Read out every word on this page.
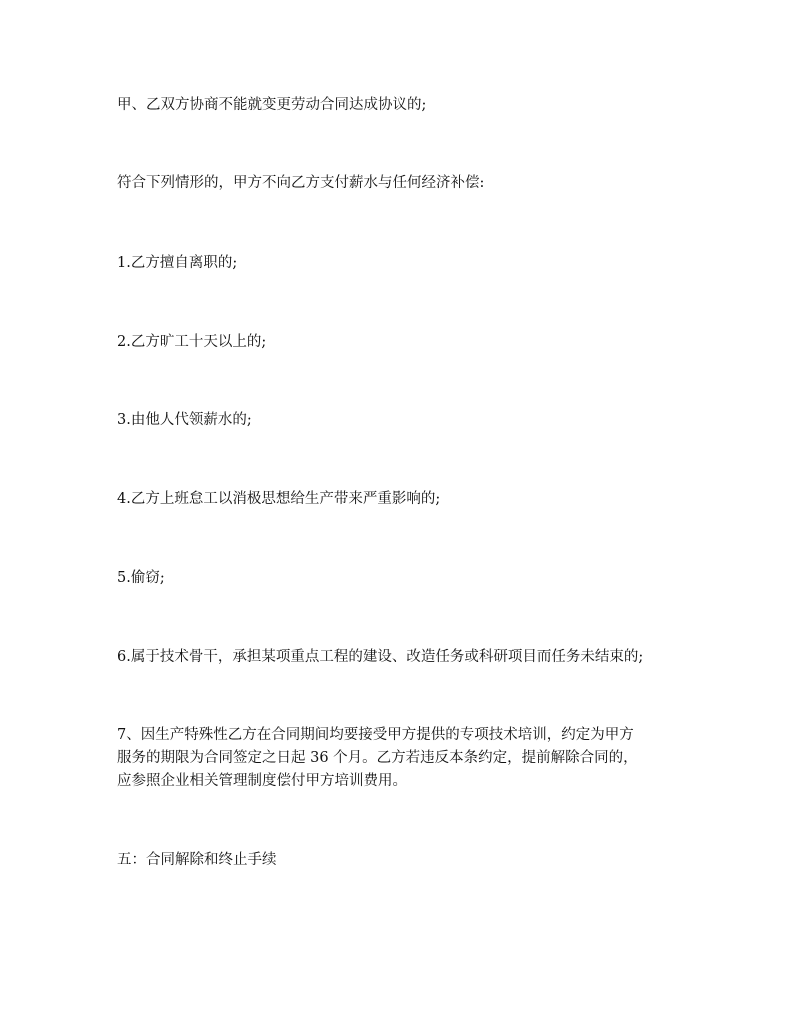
甲、乙双方协商不能就变更劳动合同达成协议的;
符合下列情形的，甲方不向乙方支付薪水与任何经济补偿:
1.乙方擅自离职的;
2.乙方旷工十天以上的;
3.由他人代领薪水的;
4.乙方上班怠工以消极思想给生产带来严重影响的;
5.偷窃;
6.属于技术骨干，承担某项重点工程的建设、改造任务或科研项目而任务未结束的;
7、因生产特殊性乙方在合同期间均要接受甲方提供的专项技术培训，约定为甲方
服务的期限为合同签定之日起 36 个月。乙方若违反本条约定，提前解除合同的，
应参照企业相关管理制度偿付甲方培训费用。
五：合同解除和终止手续
